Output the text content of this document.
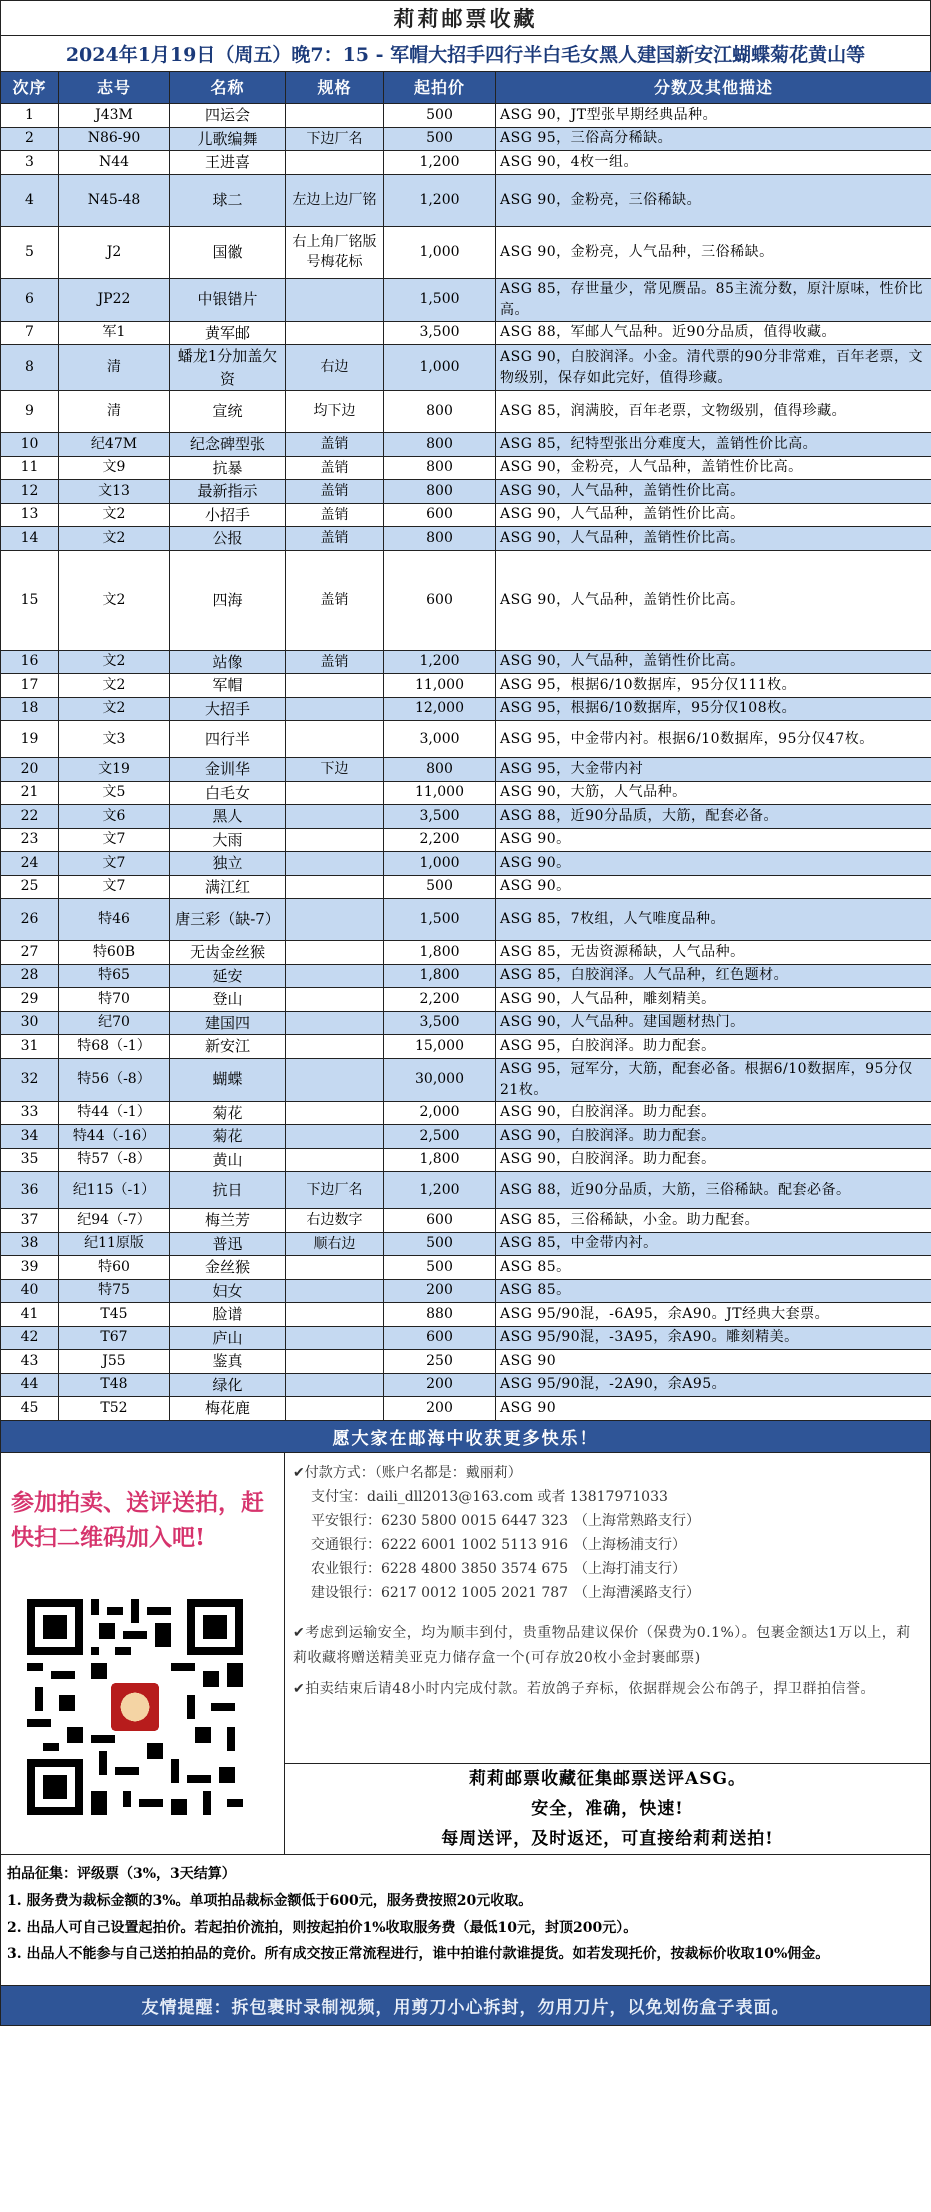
莉莉邮票收藏
2024年1月19日（周五）晚7：15 - 军帽大招手四行半白毛女黑人建国新安江蝴蝶菊花黄山等
次序	志号	名称	规格	起拍价	分数及其他描述
1	J43M	四运会		500	ASG 90，JT型张早期经典品种。
2	N86-90	儿歌编舞	下边厂名	500	ASG 95，三俗高分稀缺。
3	N44	王进喜		1,200	ASG 90，4枚一组。
4	N45-48	球二	左边上边厂铭	1,200	ASG 90，金粉亮，三俗稀缺。
5	J2	国徽	右上角厂铭版号梅花标	1,000	ASG 90，金粉亮，人气品种，三俗稀缺。
6	JP22	中银错片		1,500	ASG 85，存世量少，常见赝品。85主流分数，原汁原味，性价比高。
7	军1	黄军邮		3,500	ASG 88，军邮人气品种。近90分品质，值得收藏。
8	清	蟠龙1分加盖欠资	右边	1,000	ASG 90，白胶润泽。小金。清代票的90分非常难，百年老票，文物级别，保存如此完好，值得珍藏。
9	清	宣统	均下边	800	ASG 85，润满胶，百年老票，文物级别，值得珍藏。
10	纪47M	纪念碑型张	盖销	800	ASG 85，纪特型张出分难度大，盖销性价比高。
11	文9	抗暴	盖销	800	ASG 90，金粉亮，人气品种，盖销性价比高。
12	文13	最新指示	盖销	800	ASG 90，人气品种，盖销性价比高。
13	文2	小招手	盖销	600	ASG 90，人气品种，盖销性价比高。
14	文2	公报	盖销	800	ASG 90，人气品种，盖销性价比高。
15	文2	四海	盖销	600	ASG 90，人气品种，盖销性价比高。
16	文2	站像	盖销	1,200	ASG 90，人气品种，盖销性价比高。
17	文2	军帽		11,000	ASG 95，根据6/10数据库，95分仅111枚。
18	文2	大招手		12,000	ASG 95，根据6/10数据库，95分仅108枚。
19	文3	四行半		3,000	ASG 95，中金带内衬。根据6/10数据库，95分仅47枚。
20	文19	金训华	下边	800	ASG 95，大金带内衬
21	文5	白毛女		11,000	ASG 90，大筋，人气品种。
22	文6	黑人		3,500	ASG 88，近90分品质，大筋，配套必备。
23	文7	大雨		2,200	ASG 90。
24	文7	独立		1,000	ASG 90。
25	文7	满江红		500	ASG 90。
26	特46	唐三彩（缺-7）		1,500	ASG 85，7枚组，人气唯度品种。
27	特60B	无齿金丝猴		1,800	ASG 85，无齿资源稀缺，人气品种。
28	特65	延安		1,800	ASG 85，白胶润泽。人气品种，红色题材。
29	特70	登山		2,200	ASG 90，人气品种，雕刻精美。
30	纪70	建国四		3,500	ASG 90，人气品种。建国题材热门。
31	特68（-1）	新安江		15,000	ASG 95，白胶润泽。助力配套。
32	特56（-8）	蝴蝶		30,000	ASG 95，冠军分，大筋，配套必备。根据6/10数据库，95分仅21枚。
33	特44（-1）	菊花		2,000	ASG 90，白胶润泽。助力配套。
34	特44（-16）	菊花		2,500	ASG 90，白胶润泽。助力配套。
35	特57（-8）	黄山		1,800	ASG 90，白胶润泽。助力配套。
36	纪115（-1）	抗日	下边厂名	1,200	ASG 88，近90分品质，大筋，三俗稀缺。配套必备。
37	纪94（-7）	梅兰芳	右边数字	600	ASG 85，三俗稀缺，小金。助力配套。
38	纪11原版	普迅	顺右边	500	ASG 85，中金带内衬。
39	特60	金丝猴		500	ASG 85。
40	特75	妇女		200	ASG 85。
41	T45	脸谱		880	ASG 95/90混，-6A95，余A90。JT经典大套票。
42	T67	庐山		600	ASG 95/90混，-3A95，余A90。雕刻精美。
43	J55	鉴真		250	ASG 90
44	T48	绿化		200	ASG 95/90混，-2A90，余A95。
45	T52	梅花鹿		200	ASG 90
愿大家在邮海中收获更多快乐！
参加拍卖、送评送拍，赶快扫二维码加入吧!
✔付款方式：（账户名都是：戴丽莉）
支付宝：daili_dll2013@163.com 或者 13817971033
平安银行：6230 5800 0015 6447 323 （上海常熟路支行）
交通银行：6222 6001 1002 5113 916 （上海杨浦支行）
农业银行：6228 4800 3850 3574 675 （上海打浦支行）
建设银行：6217 0012 1005 2021 787 （上海漕溪路支行）
✔考虑到运输安全，均为顺丰到付，贵重物品建议保价（保费为0.1%）。包裹金额达1万以上，莉莉收藏将赠送精美亚克力储存盒一个(可存放20枚小金封裹邮票)
✔拍卖结束后请48小时内完成付款。若放鸽子弃标，依据群规会公布鸽子，捍卫群拍信誉。
莉莉邮票收藏征集邮票送评ASG。
安全，准确，快速!
每周送评，及时返还，可直接给莉莉送拍!
拍品征集：评级票（3%，3天结算）
1. 服务费为裁标金额的3%。单项拍品裁标金额低于600元，服务费按照20元收取。
2. 出品人可自己设置起拍价。若起拍价流拍，则按起拍价1%收取服务费（最低10元，封顶200元）。
3. 出品人不能参与自己送拍拍品的竞价。所有成交按正常流程进行，谁中拍谁付款谁提货。如若发现托价，按裁标价收取10%佣金。
友情提醒：拆包裹时录制视频，用剪刀小心拆封，勿用刀片，以免划伤盒子表面。
